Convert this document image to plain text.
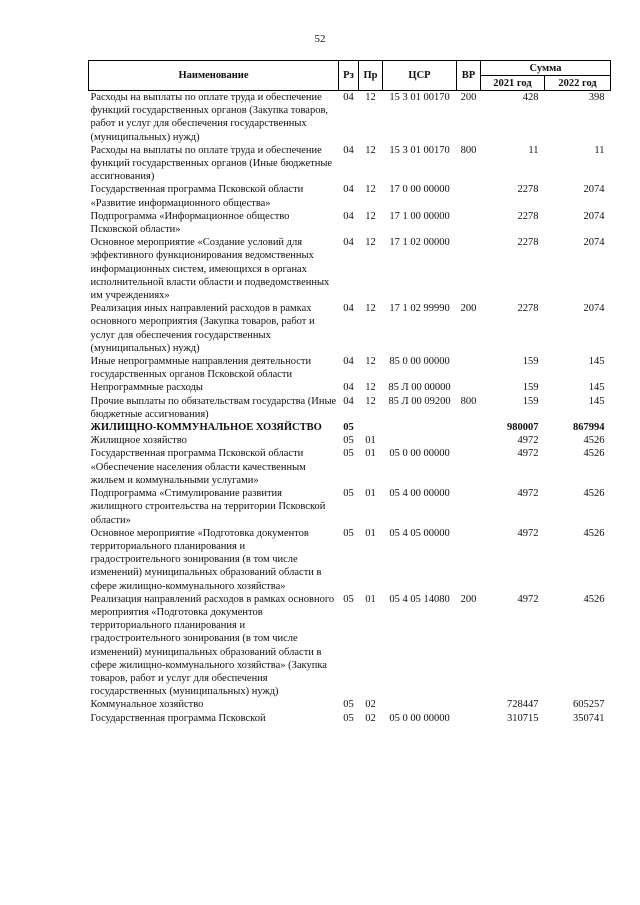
52
Наименование	Рз	Пр	ЦСР	ВР	Сумма	
					2021 год	2022 год
Расходы на выплаты по оплате труда и обеспечение функций государственных органов (Закупка товаров, работ и услуг для обеспечения государственных (муниципальных) нужд)	04	12	15 3 01 00170	200	428	398
Расходы на выплаты по оплате труда и обеспечение функций государственных органов (Иные бюджетные ассигнования)	04	12	15 3 01 00170	800	11	11
Государственная программа Псковской области «Развитие информационного общества»	04	12	17 0 00 00000		2278	2074
Подпрограмма «Информационное общество Псковской области»	04	12	17 1 00 00000		2278	2074
Основное мероприятие «Создание условий для эффективного функционирования ведомственных информационных систем, имеющихся в органах исполнительной власти области и подведомственных им учреждениях»	04	12	17 1 02 00000		2278	2074
Реализация иных направлений расходов в рамках основного мероприятия (Закупка товаров, работ и услуг для обеспечения государственных (муниципальных) нужд)	04	12	17 1 02 99990	200	2278	2074
Иные непрограммные направления деятельности государственных органов Псковской области	04	12	85 0 00 00000		159	145
Непрограммные расходы	04	12	85 Л 00 00000		159	145
Прочие выплаты по обязательствам государства (Иные бюджетные ассигнования)	04	12	85 Л 00 09200	800	159	145
ЖИЛИЩНО-КОММУНАЛЬНОЕ ХОЗЯЙСТВО	05				980007	867994
Жилищное хозяйство	05	01			4972	4526
Государственная программа Псковской области «Обеспечение населения области качественным жильем и коммунальными услугами»	05	01	05 0 00 00000		4972	4526
Подпрограмма «Стимулирование развития жилищного строительства на территории Псковской области»	05	01	05 4 00 00000		4972	4526
Основное мероприятие «Подготовка документов территориального планирования и градостроительного зонирования (в том числе изменений) муниципальных образований области в сфере жилищно-коммунального хозяйства»	05	01	05 4 05 00000		4972	4526
Реализация направлений расходов в рамках основного мероприятия «Подготовка документов территориального планирования и градостроительного зонирования (в том числе изменений) муниципальных образований области в сфере жилищно-коммунального хозяйства» (Закупка товаров, работ и услуг для обеспечения государственных (муниципальных) нужд)	05	01	05 4 05 14080	200	4972	4526
Коммунальное хозяйство	05	02			728447	605257
Государственная программа Псковской	05	02	05 0 00 00000		310715	350741
